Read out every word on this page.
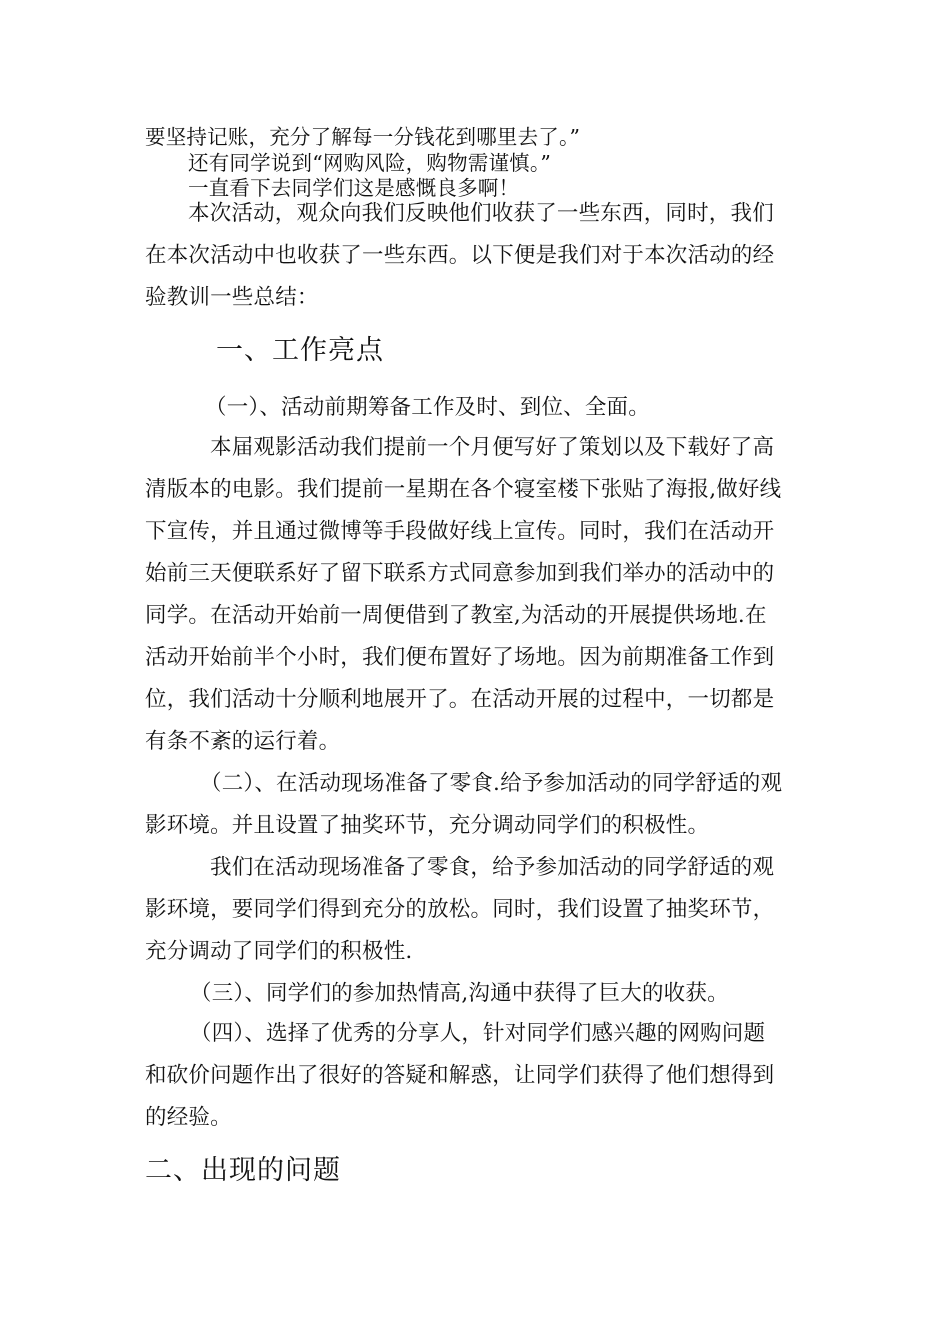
要坚持记账，充分了解每一分钱花到哪里去了。”
还有同学说到“网购风险，购物需谨慎。”
一直看下去同学们这是感慨良多啊！
本次活动，观众向我们反映他们收获了一些东西，同时，我们
在本次活动中也收获了一些东西。以下便是我们对于本次活动的经
验教训一些总结：
一、工作亮点
（一）、活动前期筹备工作及时、到位、全面。
本届观影活动我们提前一个月便写好了策划以及下载好了高
清版本的电影。我们提前一星期在各个寝室楼下张贴了海报,做好线
下宣传，并且通过微博等手段做好线上宣传。同时，我们在活动开
始前三天便联系好了留下联系方式同意参加到我们举办的活动中的
同学。在活动开始前一周便借到了教室,为活动的开展提供场地.在
活动开始前半个小时，我们便布置好了场地。因为前期准备工作到
位，我们活动十分顺利地展开了。在活动开展的过程中，一切都是
有条不紊的运行着。
（二）、在活动现场准备了零食.给予参加活动的同学舒适的观
影环境。并且设置了抽奖环节，充分调动同学们的积极性。
我们在活动现场准备了零食，给予参加活动的同学舒适的观
影环境，要同学们得到充分的放松。同时，我们设置了抽奖环节，
充分调动了同学们的积极性.
（三）、同学们的参加热情高,沟通中获得了巨大的收获。
（四）、选择了优秀的分享人，针对同学们感兴趣的网购问题
和砍价问题作出了很好的答疑和解惑，让同学们获得了他们想得到
的经验。
二、出现的问题
